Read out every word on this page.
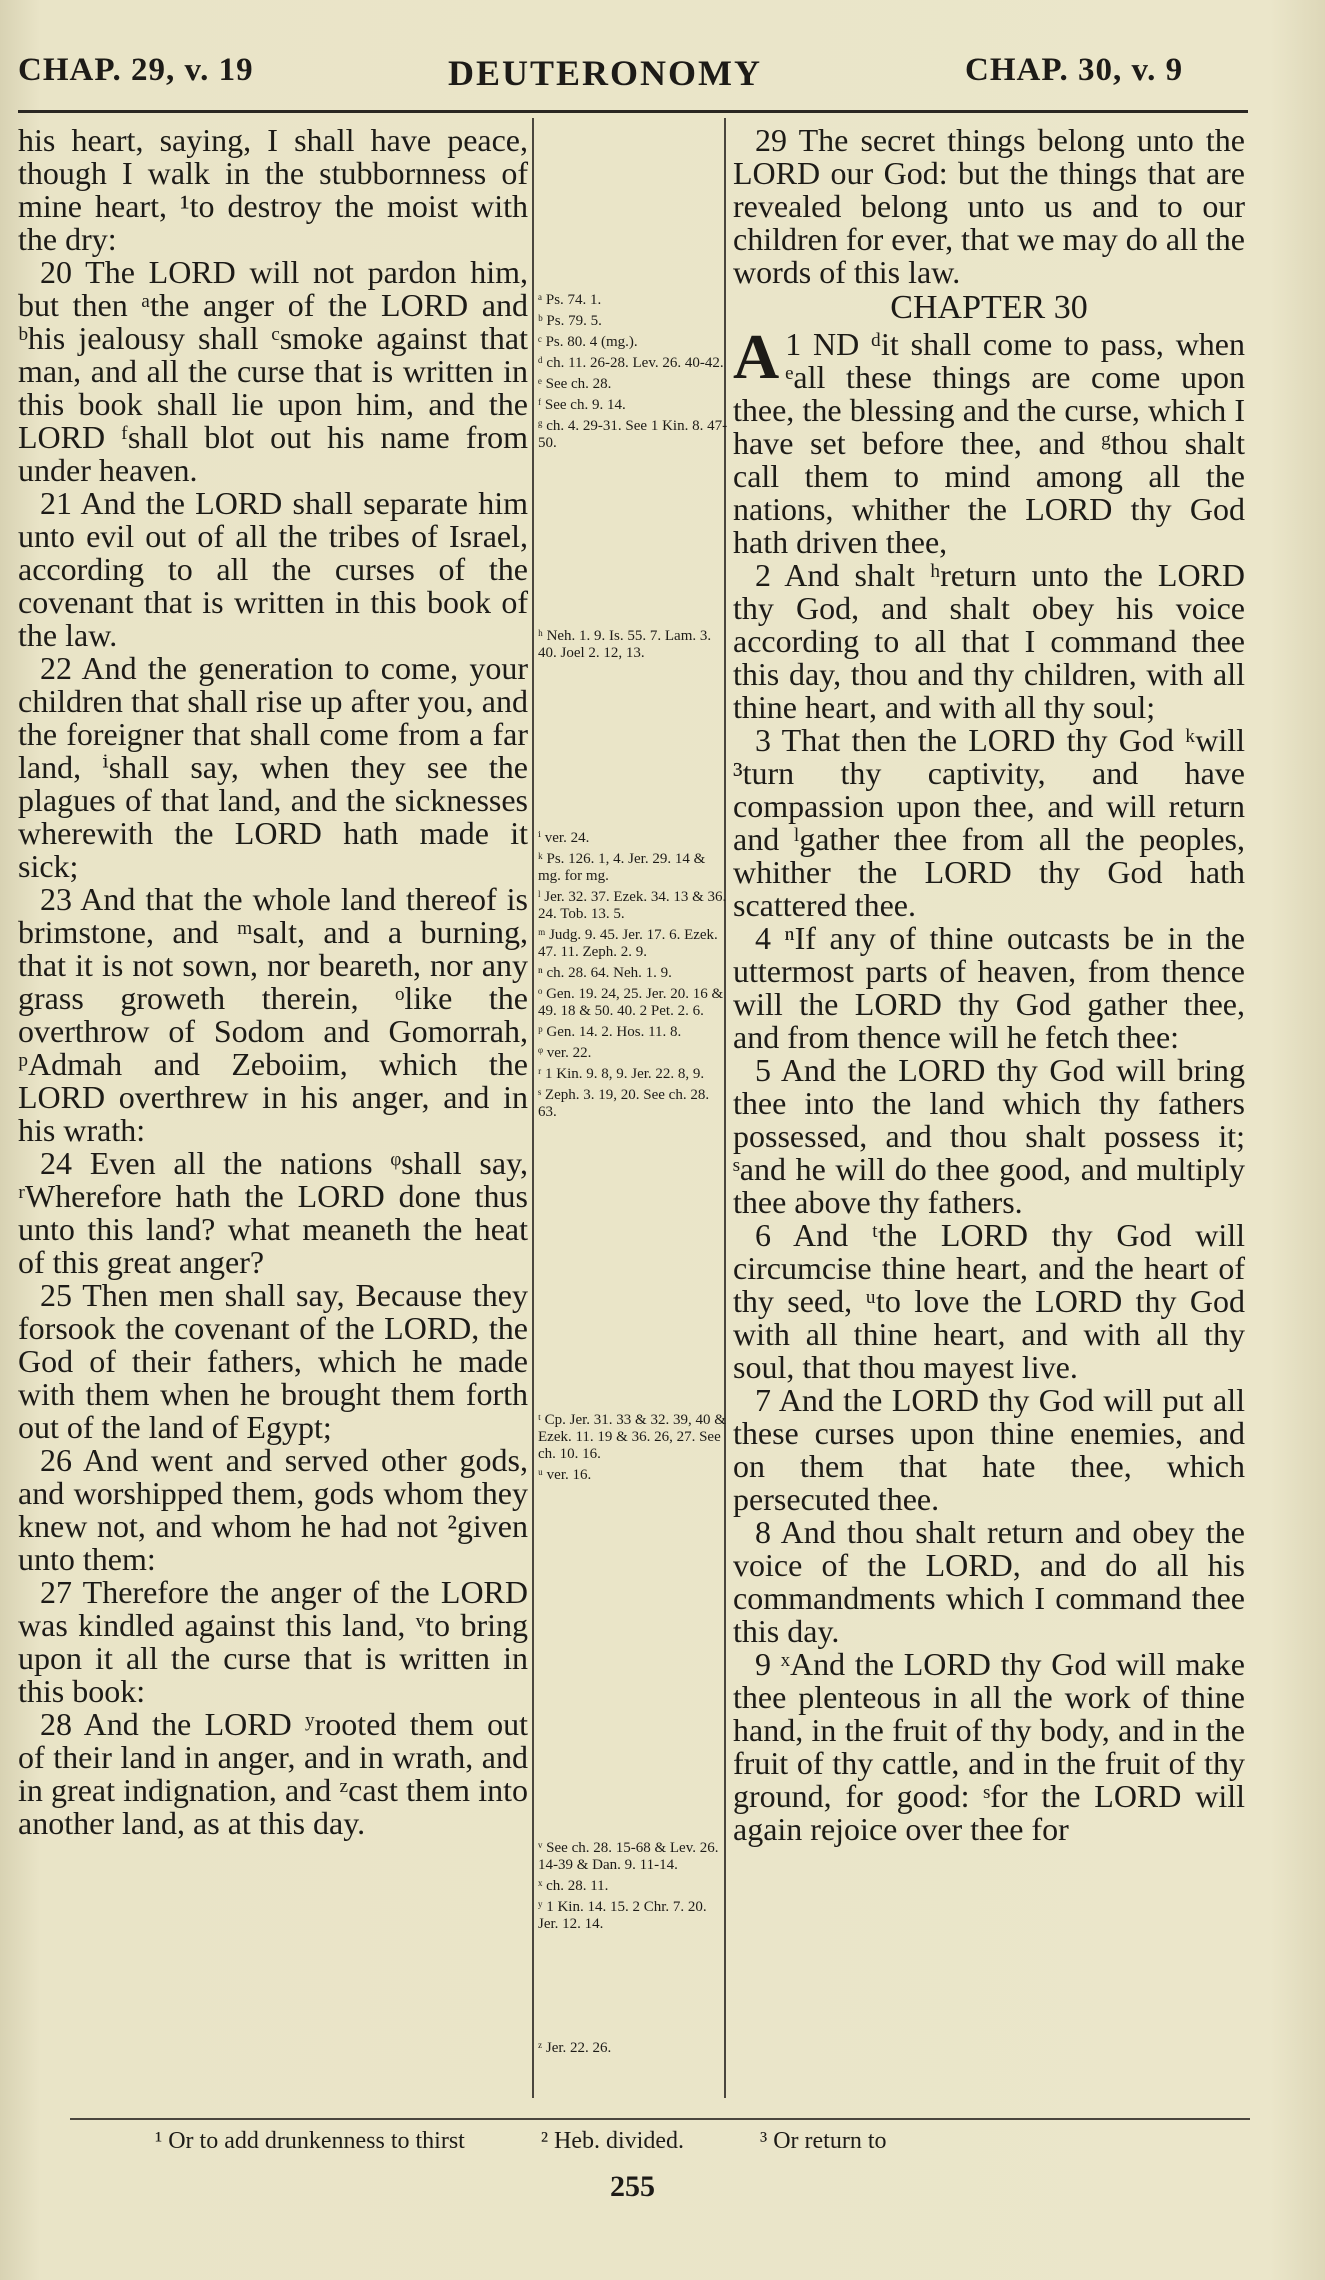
CHAP. 29, v. 19	DEUTERONOMY	CHAP. 30, v. 9

his heart, saying, I shall have peace, though I walk in the stubbornness of mine heart, ¹to destroy the moist with the dry:

20 The LORD will not pardon him, but then ᵃthe anger of the LORD and ᵇhis jealousy shall ᶜsmoke against that man, and all the curse that is written in this book shall lie upon him, and the LORD ᶠshall blot out his name from under heaven.

21 And the LORD shall separate him unto evil out of all the tribes of Israel, according to all the curses of the covenant that is written in this book of the law.

22 And the generation to come, your children that shall rise up after you, and the foreigner that shall come from a far land, ⁱshall say, when they see the plagues of that land, and the sicknesses wherewith the LORD hath made it sick;

23 And that the whole land thereof is brimstone, and ᵐsalt, and a burning, that it is not sown, nor beareth, nor any grass groweth therein, ᵒlike the overthrow of Sodom and Gomorrah, ᵖAdmah and Zeboiim, which the LORD overthrew in his anger, and in his wrath:

24 Even all the nations ᵠshall say, ʳWherefore hath the LORD done thus unto this land? what meaneth the heat of this great anger?

25 Then men shall say, Because they forsook the covenant of the LORD, the God of their fathers, which he made with them when he brought them forth out of the land of Egypt;

26 And went and served other gods, and worshipped them, gods whom they knew not, and whom he had not ²given unto them:

27 Therefore the anger of the LORD was kindled against this land, ᵛto bring upon it all the curse that is written in this book:

28 And the LORD ʸrooted them out of their land in anger, and in wrath, and in great indignation, and ᶻcast them into another land, as at this day.

ᵃ Ps. 74. 1.

ᵇ Ps. 79. 5.

ᶜ Ps. 80. 4 (mg.).

ᵈ ch. 11. 26-28. Lev. 26. 40-42.

ᵉ See ch. 28.

ᶠ See ch. 9. 14.

ᵍ ch. 4. 29-31. See 1 Kin. 8. 47-50.

ʰ Neh. 1. 9. Is. 55. 7. Lam. 3. 40. Joel 2. 12, 13.

ⁱ ver. 24.

ᵏ Ps. 126. 1, 4. Jer. 29. 14 & mg. for mg.

ˡ Jer. 32. 37. Ezek. 34. 13 & 36. 24. Tob. 13. 5.

ᵐ Judg. 9. 45. Jer. 17. 6. Ezek. 47. 11. Zeph. 2. 9.

ⁿ ch. 28. 64. Neh. 1. 9.

ᵒ Gen. 19. 24, 25. Jer. 20. 16 & 49. 18 & 50. 40. 2 Pet. 2. 6.

ᵖ Gen. 14. 2. Hos. 11. 8.

ᵠ ver. 22.

ʳ 1 Kin. 9. 8, 9. Jer. 22. 8, 9.

ˢ Zeph. 3. 19, 20. See ch. 28. 63.

ᵗ Cp. Jer. 31. 33 & 32. 39, 40 & Ezek. 11. 19 & 36. 26, 27. See ch. 10. 16.

ᵘ ver. 16.

ᵛ See ch. 28. 15-68 & Lev. 26. 14-39 & Dan. 9. 11-14.

ˣ ch. 28. 11.

ʸ 1 Kin. 14. 15. 2 Chr. 7. 20. Jer. 12. 14.

ᶻ Jer. 22. 26.

29 The secret things belong unto the LORD our God: but the things that are revealed belong unto us and to our children for ever, that we may do all the words of this law.

CHAPTER 30

1
A ND ᵈit shall come to pass, when ᵉall these things are come upon thee, the blessing and the curse, which I have set before thee, and ᵍthou shalt call them to mind among all the nations, whither the LORD thy God hath driven thee,

2 And shalt ʰreturn unto the LORD thy God, and shalt obey his voice according to all that I command thee this day, thou and thy children, with all thine heart, and with all thy soul;

3 That then the LORD thy God ᵏwill ³turn thy captivity, and have compassion upon thee, and will return and ˡgather thee from all the peoples, whither the LORD thy God hath scattered thee.

4 ⁿIf any of thine outcasts be in the uttermost parts of heaven, from thence will the LORD thy God gather thee, and from thence will he fetch thee:

5 And the LORD thy God will bring thee into the land which thy fathers possessed, and thou shalt possess it; ˢand he will do thee good, and multiply thee above thy fathers.

6 And ᵗthe LORD thy God will circumcise thine heart, and the heart of thy seed, ᵘto love the LORD thy God with all thine heart, and with all thy soul, that thou mayest live.

7 And the LORD thy God will put all these curses upon thine enemies, and on them that hate thee, which persecuted thee.

8 And thou shalt return and obey the voice of the LORD, and do all his commandments which I command thee this day.

9 ˣAnd the LORD thy God will make thee plenteous in all the work of thine hand, in the fruit of thy body, and in the fruit of thy cattle, and in the fruit of thy ground, for good: ˢfor the LORD will again rejoice over thee for

¹ Or to add drunkenness to thirst	² Heb. divided.	³ Or return to
255
